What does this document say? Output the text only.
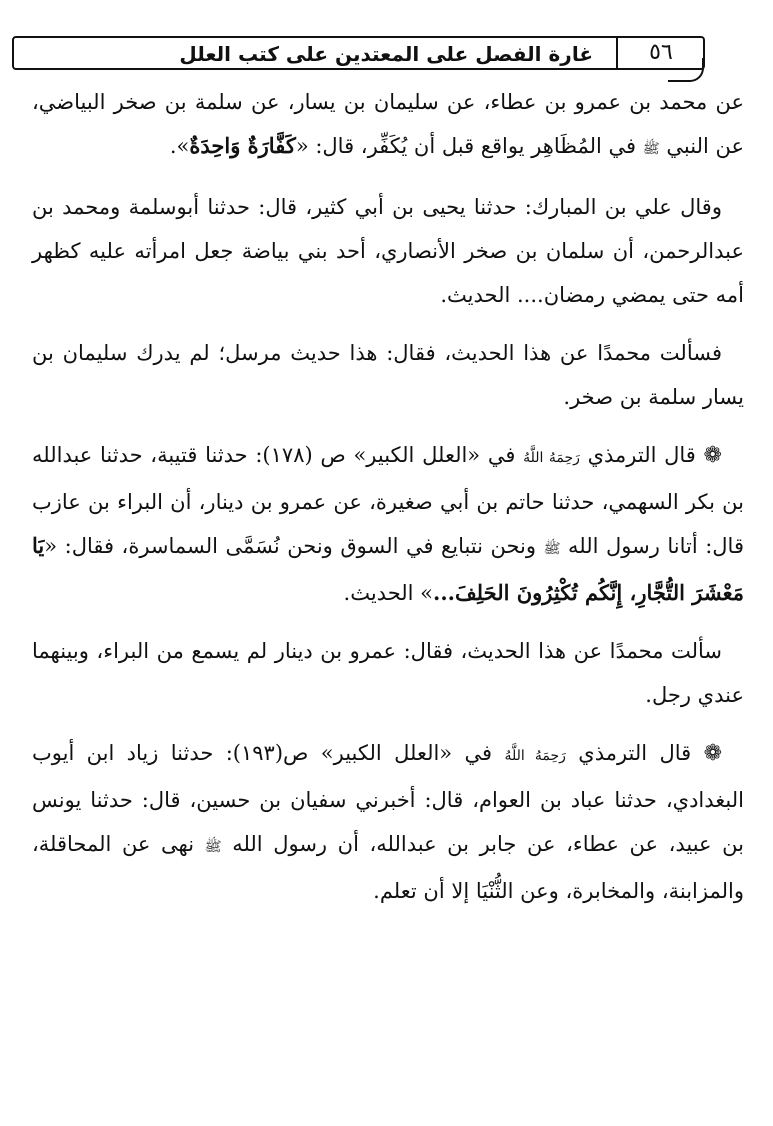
غارة الفصل على المعتدين على كتب العلل	٥٦

عن محمد بن عمرو بن عطاء، عن سليمان بن يسار، عن سلمة بن صخر البياضي، عن النبي ﷺ في المُظَاهِر يواقع قبل أن يُكَفِّر، قال: «كَفَّارَةٌ وَاحِدَةٌ».

وقال علي بن المبارك: حدثنا يحيى بن أبي كثير، قال: حدثنا أبوسلمة ومحمد بن عبدالرحمن، أن سلمان بن صخر الأنصاري، أحد بني بياضة جعل امرأته عليه كظهر أمه حتى يمضي رمضان.... الحديث.

فسألت محمدًا عن هذا الحديث، فقال: هذا حديث مرسل؛ لم يدرك سليمان بن يسار سلمة بن صخر.

❁ قال الترمذي رَحِمَهُ اللَّهُ في «العلل الكبير» ص (١٧٨): حدثنا قتيبة، حدثنا عبدالله بن بكر السهمي، حدثنا حاتم بن أبي صغيرة، عن عمرو بن دينار، أن البراء بن عازب قال: أتانا رسول الله ﷺ ونحن نتبايع في السوق ونحن نُسَمَّى السماسرة، فقال: «يَا مَعْشَرَ التُّجَّارِ، إِنَّكُم تُكْثِرُونَ الحَلِفَ...» الحديث.

سألت محمدًا عن هذا الحديث، فقال: عمرو بن دينار لم يسمع من البراء، وبينهما عندي رجل.

❁ قال الترمذي رَحِمَهُ اللَّهُ في «العلل الكبير» ص(١٩٣): حدثنا زياد ابن أيوب البغدادي، حدثنا عباد بن العوام، قال: أخبرني سفيان بن حسين، قال: حدثنا يونس بن عبيد، عن عطاء، عن جابر بن عبدالله، أن رسول الله ﷺ نهى عن المحاقلة، والمزابنة، والمخابرة، وعن الثُّنْيَا إلا أن تعلم.
